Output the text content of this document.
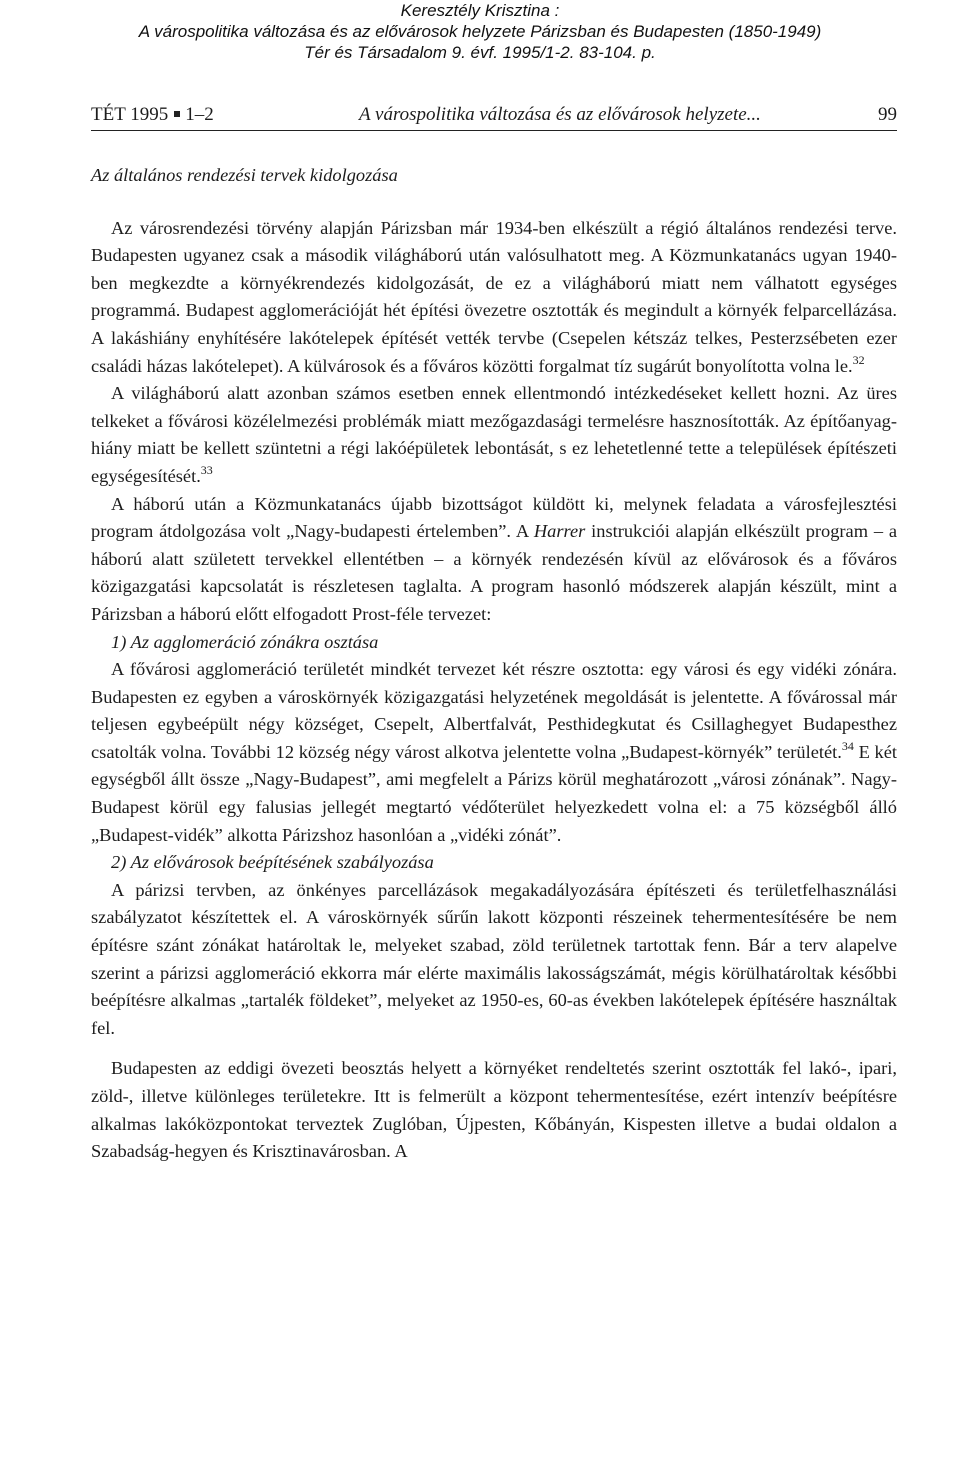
Keresztély Krisztina :
A várospolitika változása és az elővárosok helyzete Párizsban és Budapesten (1850-1949)
Tér és Társadalom 9. évf. 1995/1-2. 83-104. p.
TÉT 1995 1–2	A várospolitika változása és az elővárosok helyzete...	99

Az általános rendezési tervek kidolgozása

Az városrendezési törvény alapján Párizsban már 1934-ben elkészült a régió általános rendezési terve. Budapesten ugyanez csak a második világháború után valósulhatott meg. A Közmunkatanács ugyan 1940-ben megkezdte a környékrendezés kidolgozását, de ez a világháború miatt nem válhatott egységes programmá. Budapest agglomerációját hét építési övezetre osztották és megindult a környék felparcellázása. A lakáshiány enyhítésére lakótelepek építését vették tervbe (Csepelen kétszáz telkes, Pesterzsébeten ezer családi házas lakótelepet). A külvárosok és a főváros közötti forgalmat tíz sugárút bonyolította volna le.$^{32}$

A világháború alatt azonban számos esetben ennek ellentmondó intézkedéseket kellett hozni. Az üres telkeket a fővárosi közélelmezési problémák miatt mezőgazdasági termelésre hasznosították. Az építőanyag-hiány miatt be kellett szüntetni a régi lakóépületek lebontását, s ez lehetetlenné tette a települések építészeti egységesítését.$^{33}$

A háború után a Közmunkatanács újabb bizottságot küldött ki, melynek feladata a városfejlesztési program átdolgozása volt „Nagy-budapesti értelemben”. A Harrer instrukciói alapján elkészült program – a háború alatt született tervekkel ellentétben – a környék rendezésén kívül az elővárosok és a főváros közigazgatási kapcsolatát is részletesen taglalta. A program hasonló módszerek alapján készült, mint a Párizsban a háború előtt elfogadott Prost-féle tervezet:

1) Az agglomeráció zónákra osztása

A fővárosi agglomeráció területét mindkét tervezet két részre osztotta: egy városi és egy vidéki zónára. Budapesten ez egyben a városkörnyék közigazgatási helyzetének megoldását is jelentette. A fővárossal már teljesen egybeépült négy községet, Csepelt, Albertfalvát, Pesthidegkutat és Csillaghegyet Budapesthez csatolták volna. További 12 község négy várost alkotva jelentette volna „Budapest-környék” területét.$^{34}$ E két egységből állt össze „Nagy-Budapest”, ami megfelelt a Párizs körül meghatározott „városi zónának”. Nagy-Budapest körül egy falusias jellegét megtartó védőterület helyezkedett volna el: a 75 községből álló „Budapest-vidék” alkotta Párizshoz hasonlóan a „vidéki zónát”.

2) Az elővárosok beépítésének szabályozása

A párizsi tervben, az önkényes parcellázások megakadályozására építészeti és területfelhasználási szabályzatot készítettek el. A városkörnyék sűrűn lakott központi részeinek tehermentesítésére be nem építésre szánt zónákat határoltak le, melyeket szabad, zöld területnek tartottak fenn. Bár a terv alapelve szerint a párizsi agglomeráció ekkorra már elérte maximális lakosságszámát, mégis körülhatároltak későbbi beépítésre alkalmas „tartalék földeket”, melyeket az 1950-es, 60-as években lakótelepek építésére használtak fel.

Budapesten az eddigi övezeti beosztás helyett a környéket rendeltetés szerint osztották fel lakó-, ipari, zöld-, illetve különleges területekre. Itt is felmerült a központ tehermentesítése, ezért intenzív beépítésre alkalmas lakóközpontokat terveztek Zuglóban, Újpesten, Kőbányán, Kispesten illetve a budai oldalon a Szabadság-hegyen és Krisztinavárosban. A
